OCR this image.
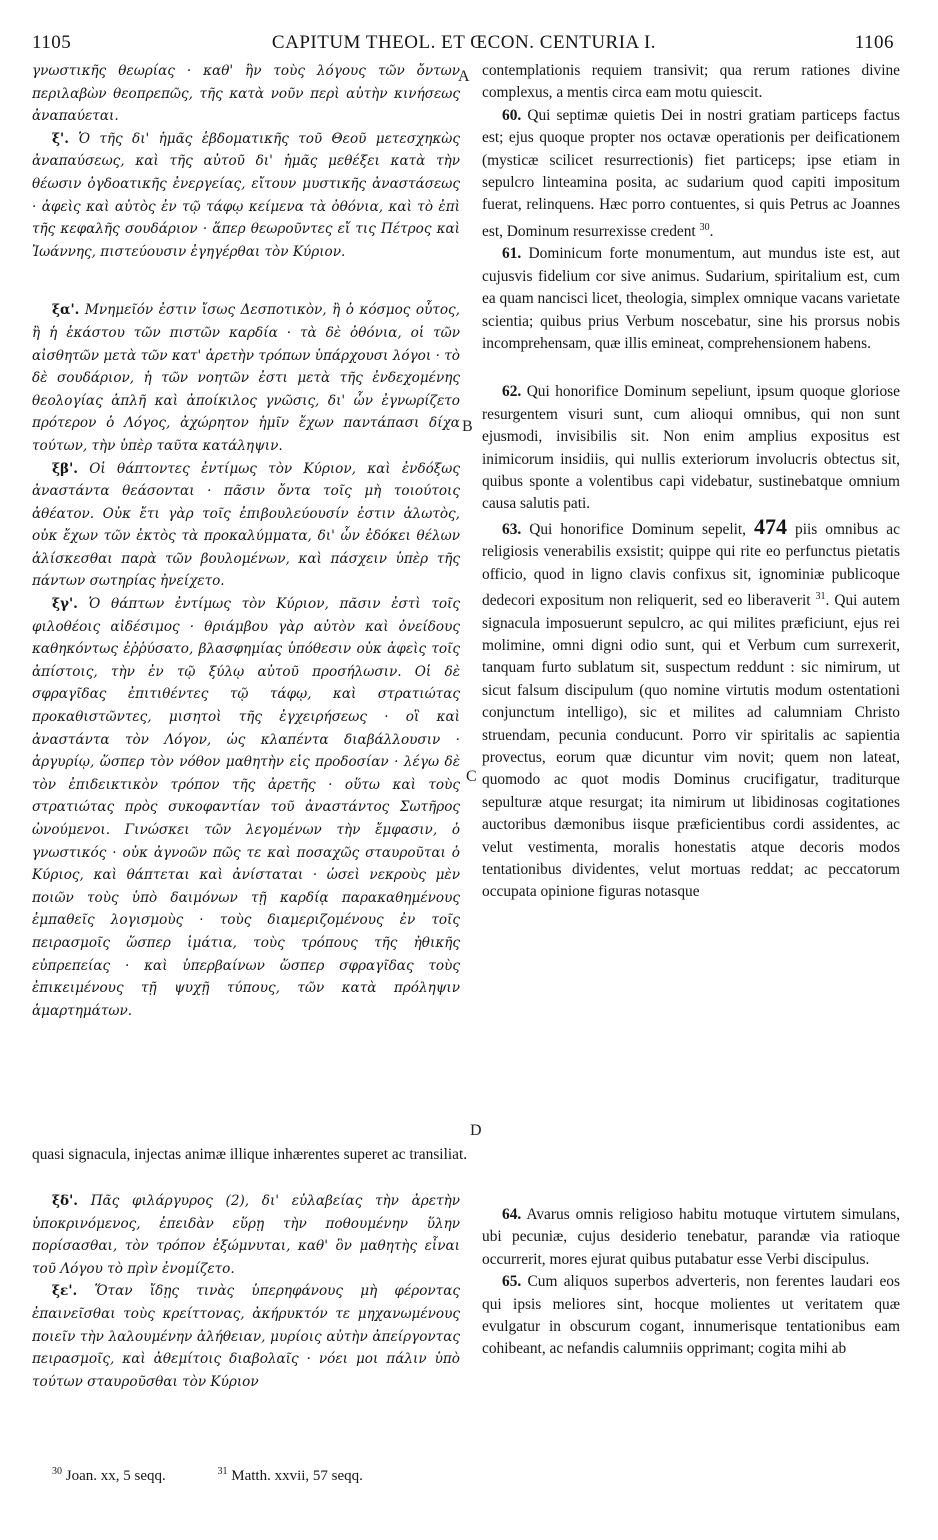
1105	CAPITUM THEOL. ET ŒCON. CENTURIA I.	1106
A
B
C
D

γνωστικῆς θεωρίας · καθ' ἣν τοὺς λόγους τῶν ὄντων περιλαβὼν θεοπρεπῶς, τῆς κατὰ νοῦν περὶ αὐτὴν κινήσεως ἀναπαύεται.

ξ'. Ὁ τῆς δι' ἡμᾶς ἑβδοματικῆς τοῦ Θεοῦ μετεσχηκὼς ἀναπαύσεως, καὶ τῆς αὐτοῦ δι' ἡμᾶς μεθέξει κατὰ τὴν θέωσιν ὀγδοατικῆς ἐνεργείας, εἴτουν μυστικῆς ἀναστάσεως · ἀφεὶς καὶ αὐτὸς ἐν τῷ τάφῳ κείμενα τὰ ὀθόνια, καὶ τὸ ἐπὶ τῆς κεφαλῆς σουδάριον · ἅπερ θεωροῦντες εἴ τις Πέτρος καὶ Ἰωάννης, πιστεύουσιν ἐγηγέρθαι τὸν Κύριον.

ξα'. Μνημεῖόν ἐστιν ἴσως Δεσποτικὸν, ἢ ὁ κόσμος οὗτος, ἢ ἡ ἑκάστου τῶν πιστῶν καρδία · τὰ δὲ ὀθόνια, οἱ τῶν αἰσθητῶν μετὰ τῶν κατ' ἀρετὴν τρόπων ὑπάρχουσι λόγοι · τὸ δὲ σουδάριον, ἡ τῶν νοητῶν ἐστι μετὰ τῆς ἐνδεχομένης θεολογίας ἁπλῆ καὶ ἀποίκιλος γνῶσις, δι' ὧν ἐγνωρίζετο πρότερον ὁ Λόγος, ἀχώρητον ἡμῖν ἔχων παντάπασι δίχα τούτων, τὴν ὑπὲρ ταῦτα κατάληψιν.

ξβ'. Οἱ θάπτοντες ἐντίμως τὸν Κύριον, καὶ ἐνδόξως ἀναστάντα θεάσονται · πᾶσιν ὄντα τοῖς μὴ τοιούτοις ἀθέατον. Οὐκ ἔτι γὰρ τοῖς ἐπιβουλεύουσίν ἐστιν ἁλωτὸς, οὐκ ἔχων τῶν ἐκτὸς τὰ προκαλύμματα, δι' ὧν ἐδόκει θέλων ἁλίσκεσθαι παρὰ τῶν βουλομένων, καὶ πάσχειν ὑπὲρ τῆς πάντων σωτηρίας ἠνείχετο.

ξγ'. Ὁ θάπτων ἐντίμως τὸν Κύριον, πᾶσιν ἐστὶ τοῖς φιλοθέοις αἰδέσιμος · θριάμβου γὰρ αὐτὸν καὶ ὀνείδους καθηκόντως ἐῤῥύσατο, βλασφημίας ὑπόθεσιν οὐκ ἀφεὶς τοῖς ἀπίστοις, τὴν ἐν τῷ ξύλῳ αὐτοῦ προσήλωσιν. Οἱ δὲ σφραγῖδας ἐπιτιθέντες τῷ τάφῳ, καὶ στρατιώτας προκαθιστῶντες, μισητοὶ τῆς ἐγχειρήσεως · οἳ καὶ ἀναστάντα τὸν Λόγον, ὡς κλαπέντα διαβάλλουσιν · ἀργυρίῳ, ὥσπερ τὸν νόθον μαθητὴν εἰς προδοσίαν · λέγω δὲ τὸν ἐπιδεικτικὸν τρόπον τῆς ἀρετῆς · οὕτω καὶ τοὺς στρατιώτας πρὸς συκοφαντίαν τοῦ ἀναστάντος Σωτῆρος ὠνούμενοι. Γινώσκει τῶν λεγομένων τὴν ἔμφασιν, ὁ γνωστικός · οὐκ ἀγνοῶν πῶς τε καὶ ποσαχῶς σταυροῦται ὁ Κύριος, καὶ θάπτεται καὶ ἀνίσταται · ὡσεὶ νεκροὺς μὲν ποιῶν τοὺς ὑπὸ δαιμόνων τῇ καρδίᾳ παρακαθημένους ἐμπαθεῖς λογισμοὺς · τοὺς διαμεριζομένους ἐν τοῖς πειρασμοῖς ὥσπερ ἱμάτια, τοὺς τρόπους τῆς ἠθικῆς εὐπρεπείας · καὶ ὑπερβαίνων ὥσπερ σφραγῖδας τοὺς ἐπικειμένους τῇ ψυχῇ τύπους, τῶν κατὰ πρόληψιν ἁμαρτημάτων.

contemplationis requiem transivit; qua rerum rationes divine complexus, a mentis circa eam motu quiescit.

60. Qui septimæ quietis Dei in nostri gratiam particeps factus est; ejus quoque propter nos octavæ operationis per deificationem (mysticæ scilicet resurrectionis) fiet particeps; ipse etiam in sepulcro linteamina posita, ac sudarium quod capiti impositum fuerat, relinquens. Hæc porro contuentes, si quis Petrus ac Joannes est, Dominum resurrexisse credent $^{30}$.

61. Dominicum forte monumentum, aut mundus iste est, aut cujusvis fidelium cor sive animus. Sudarium, spiritalium est, cum ea quam nancisci licet, theologia, simplex omnique vacans varietate scientia; quibus prius Verbum noscebatur, sine his prorsus nobis incomprehensam, quæ illis emineat, comprehensionem habens.

62. Qui honorifice Dominum sepeliunt, ipsum quoque gloriose resurgentem visuri sunt, cum alioqui omnibus, qui non sunt ejusmodi, invisibilis sit. Non enim amplius expositus est inimicorum insidiis, qui nullis exteriorum involucris obtectus sit, quibus sponte a volentibus capi videbatur, sustinebatque omnium causa salutis pati.

63. Qui honorifice Dominum sepelit, 474 piis omnibus ac religiosis venerabilis exsistit; quippe qui rite eo perfunctus pietatis officio, quod in ligno clavis confixus sit, ignominiæ publicoque dedecori expositum non reliquerit, sed eo liberaverit $^{31}$. Qui autem signacula imposuerunt sepulcro, ac qui milites præficiunt, ejus rei molimine, omni digni odio sunt, qui et Verbum cum surrexerit, tanquam furto sublatum sit, suspectum reddunt : sic nimirum, ut sicut falsum discipulum (quo nomine virtutis modum ostentationi conjunctum intelligo), sic et milites ad calumniam Christo struendam, pecunia conducunt. Porro vir spiritalis ac sapientia provectus, eorum quæ dicuntur vim novit; quem non lateat, quomodo ac quot modis Dominus crucifigatur, traditurque sepulturæ atque resurgat; ita nimirum ut libidinosas cogitationes auctoribus dæmonibus iisque præficientibus cordi assidentes, ac velut vestimenta, moralis honestatis atque decoris modos tentationibus dividentes, velut mortuas reddat; ac peccatorum occupata opinione figuras notasque

quasi signacula, injectas animæ illique inhærentes superet ac transiliat.

ξδ'. Πᾶς φιλάργυρος (2), δι' εὐλαβείας τὴν ἀρετὴν ὑποκρινόμενος, ἐπειδὰν εὕρῃ τὴν ποθουμένην ὕλην πορίσασθαι, τὸν τρόπον ἐξώμνυται, καθ' ὃν μαθητὴς εἶναι τοῦ Λόγου τὸ πρὶν ἐνομίζετο.

ξε'. Ὅταν ἴδῃς τινὰς ὑπερηφάνους μὴ φέροντας ἐπαινεῖσθαι τοὺς κρείττονας, ἀκήρυκτόν τε μηχανωμένους ποιεῖν τὴν λαλουμένην ἀλήθειαν, μυρίοις αὐτὴν ἀπείργοντας πειρασμοῖς, καὶ ἀθεμίτοις διαβολαῖς · νόει μοι πάλιν ὑπὸ τούτων σταυροῦσθαι τὸν Κύριον

64. Avarus omnis religioso habitu motuque virtutem simulans, ubi pecuniæ, cujus desiderio tenebatur, parandæ via ratioque occurrerit, mores ejurat quibus putabatur esse Verbi discipulus.

65. Cum aliquos superbos adverteris, non ferentes laudari eos qui ipsis meliores sint, hocque molientes ut veritatem quæ evulgatur in obscurum cogant, innumerisque tentationibus eam cohibeant, ac nefandis calumniis opprimant; cogita mihi ab

$^{30}$ Joan. xx, 5 seqq.	$^{31}$ Matth. xxvii, 57 seqq.
